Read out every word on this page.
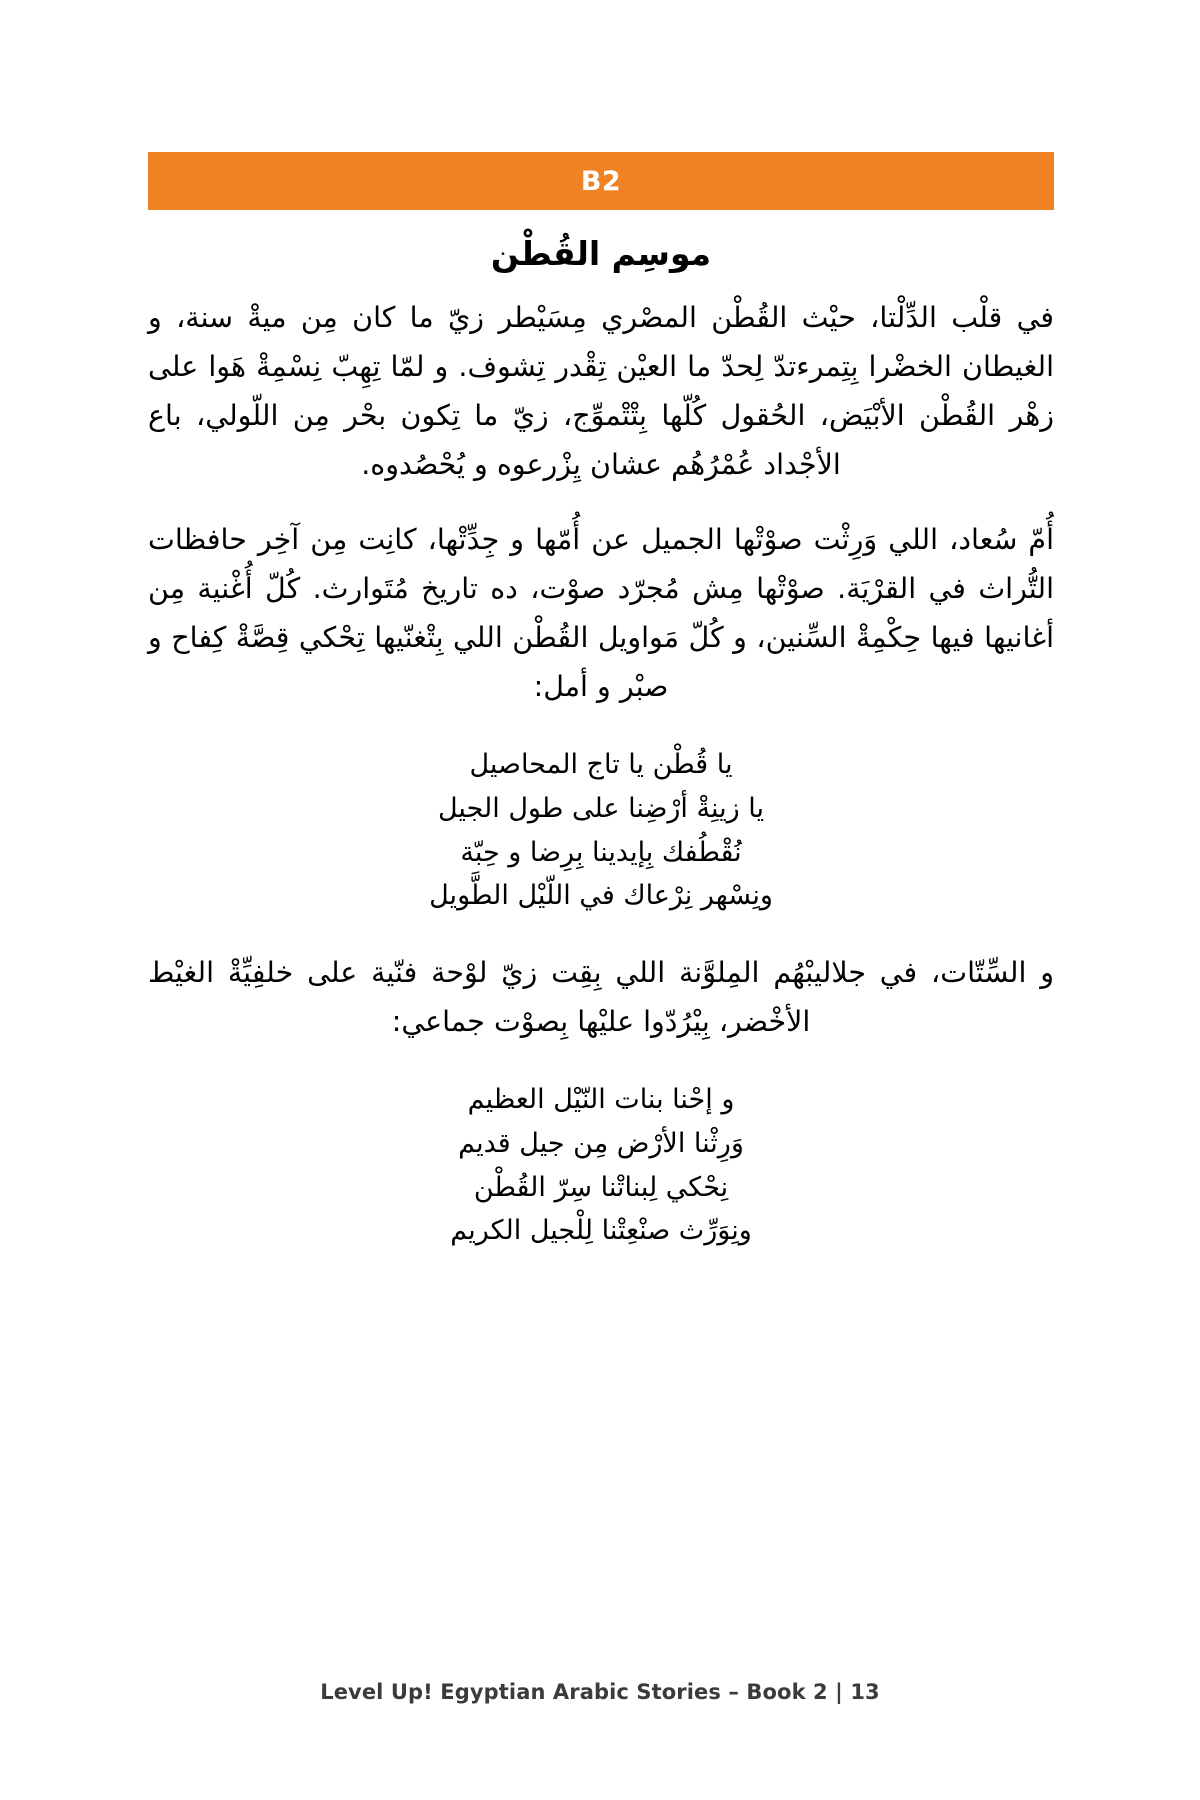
B2
موسِم القُطْن

في قلْب الدِّلْتا، حيْث القُطْن المصْري مِسَيْطر زيّ ما كان مِن ميةْ سنة، و الغيطان الخضْرا بِتِمرءتدّ لِحدّ ما العيْن تِقْدر تِشوف. و لمّا تِهِبّ نِسْمِةْ هَوا على زهْر القُطْن الأبْيَض، الحُقول كُلّها بِتْتْموِّج، زيّ ما تِكون بحْر مِن اللّولي، باع الأجْداد عُمْرُهُم عشان يِزْرعوه و يُحْصُدوه.

أُمّ سُعاد، اللي وَرِثْت صوْتْها الجميل عن أُمّها و جِدِّتْها، كانِت مِن آخِر حافظات التُّراث في القرْيَة. صوْتْها مِش مُجرّد صوْت، ده تاريخ مُتَوارث. كُلّ أُغْنية مِن أغانيها فيها حِكْمِةْ السِّنين، و كُلّ مَواويل القُطْن اللي بِتْغنّيها تِحْكي قِصَّةْ كِفاح و صبْر و أمل:

يا قُطْن يا تاج المحاصيل
يا زينِةْ أرْضِنا على طول الجيل
نُقْطُفك بِإيدينا بِرِضا و حِبّة
ونِسْهر نِرْعاك في اللّيْل الطَّويل

و السِّتّات، في جلاليبْهُم المِلوَّنة اللي بِقِت زيّ لوْحة فنّية على خلفِيِّةْ الغيْط الأخْضر، بِيْرُدّوا عليْها بِصوْت جماعي:

و إحْنا بنات النّيْل العظيم
وَرِثْنا الأرْض مِن جيل قديم
نِحْكي لِبناتْنا سِرّ القُطْن
ونِوَرِّث صنْعِتْنا لِلْجيل الكريم
Level Up! Egyptian Arabic Stories – Book 2 | 13
